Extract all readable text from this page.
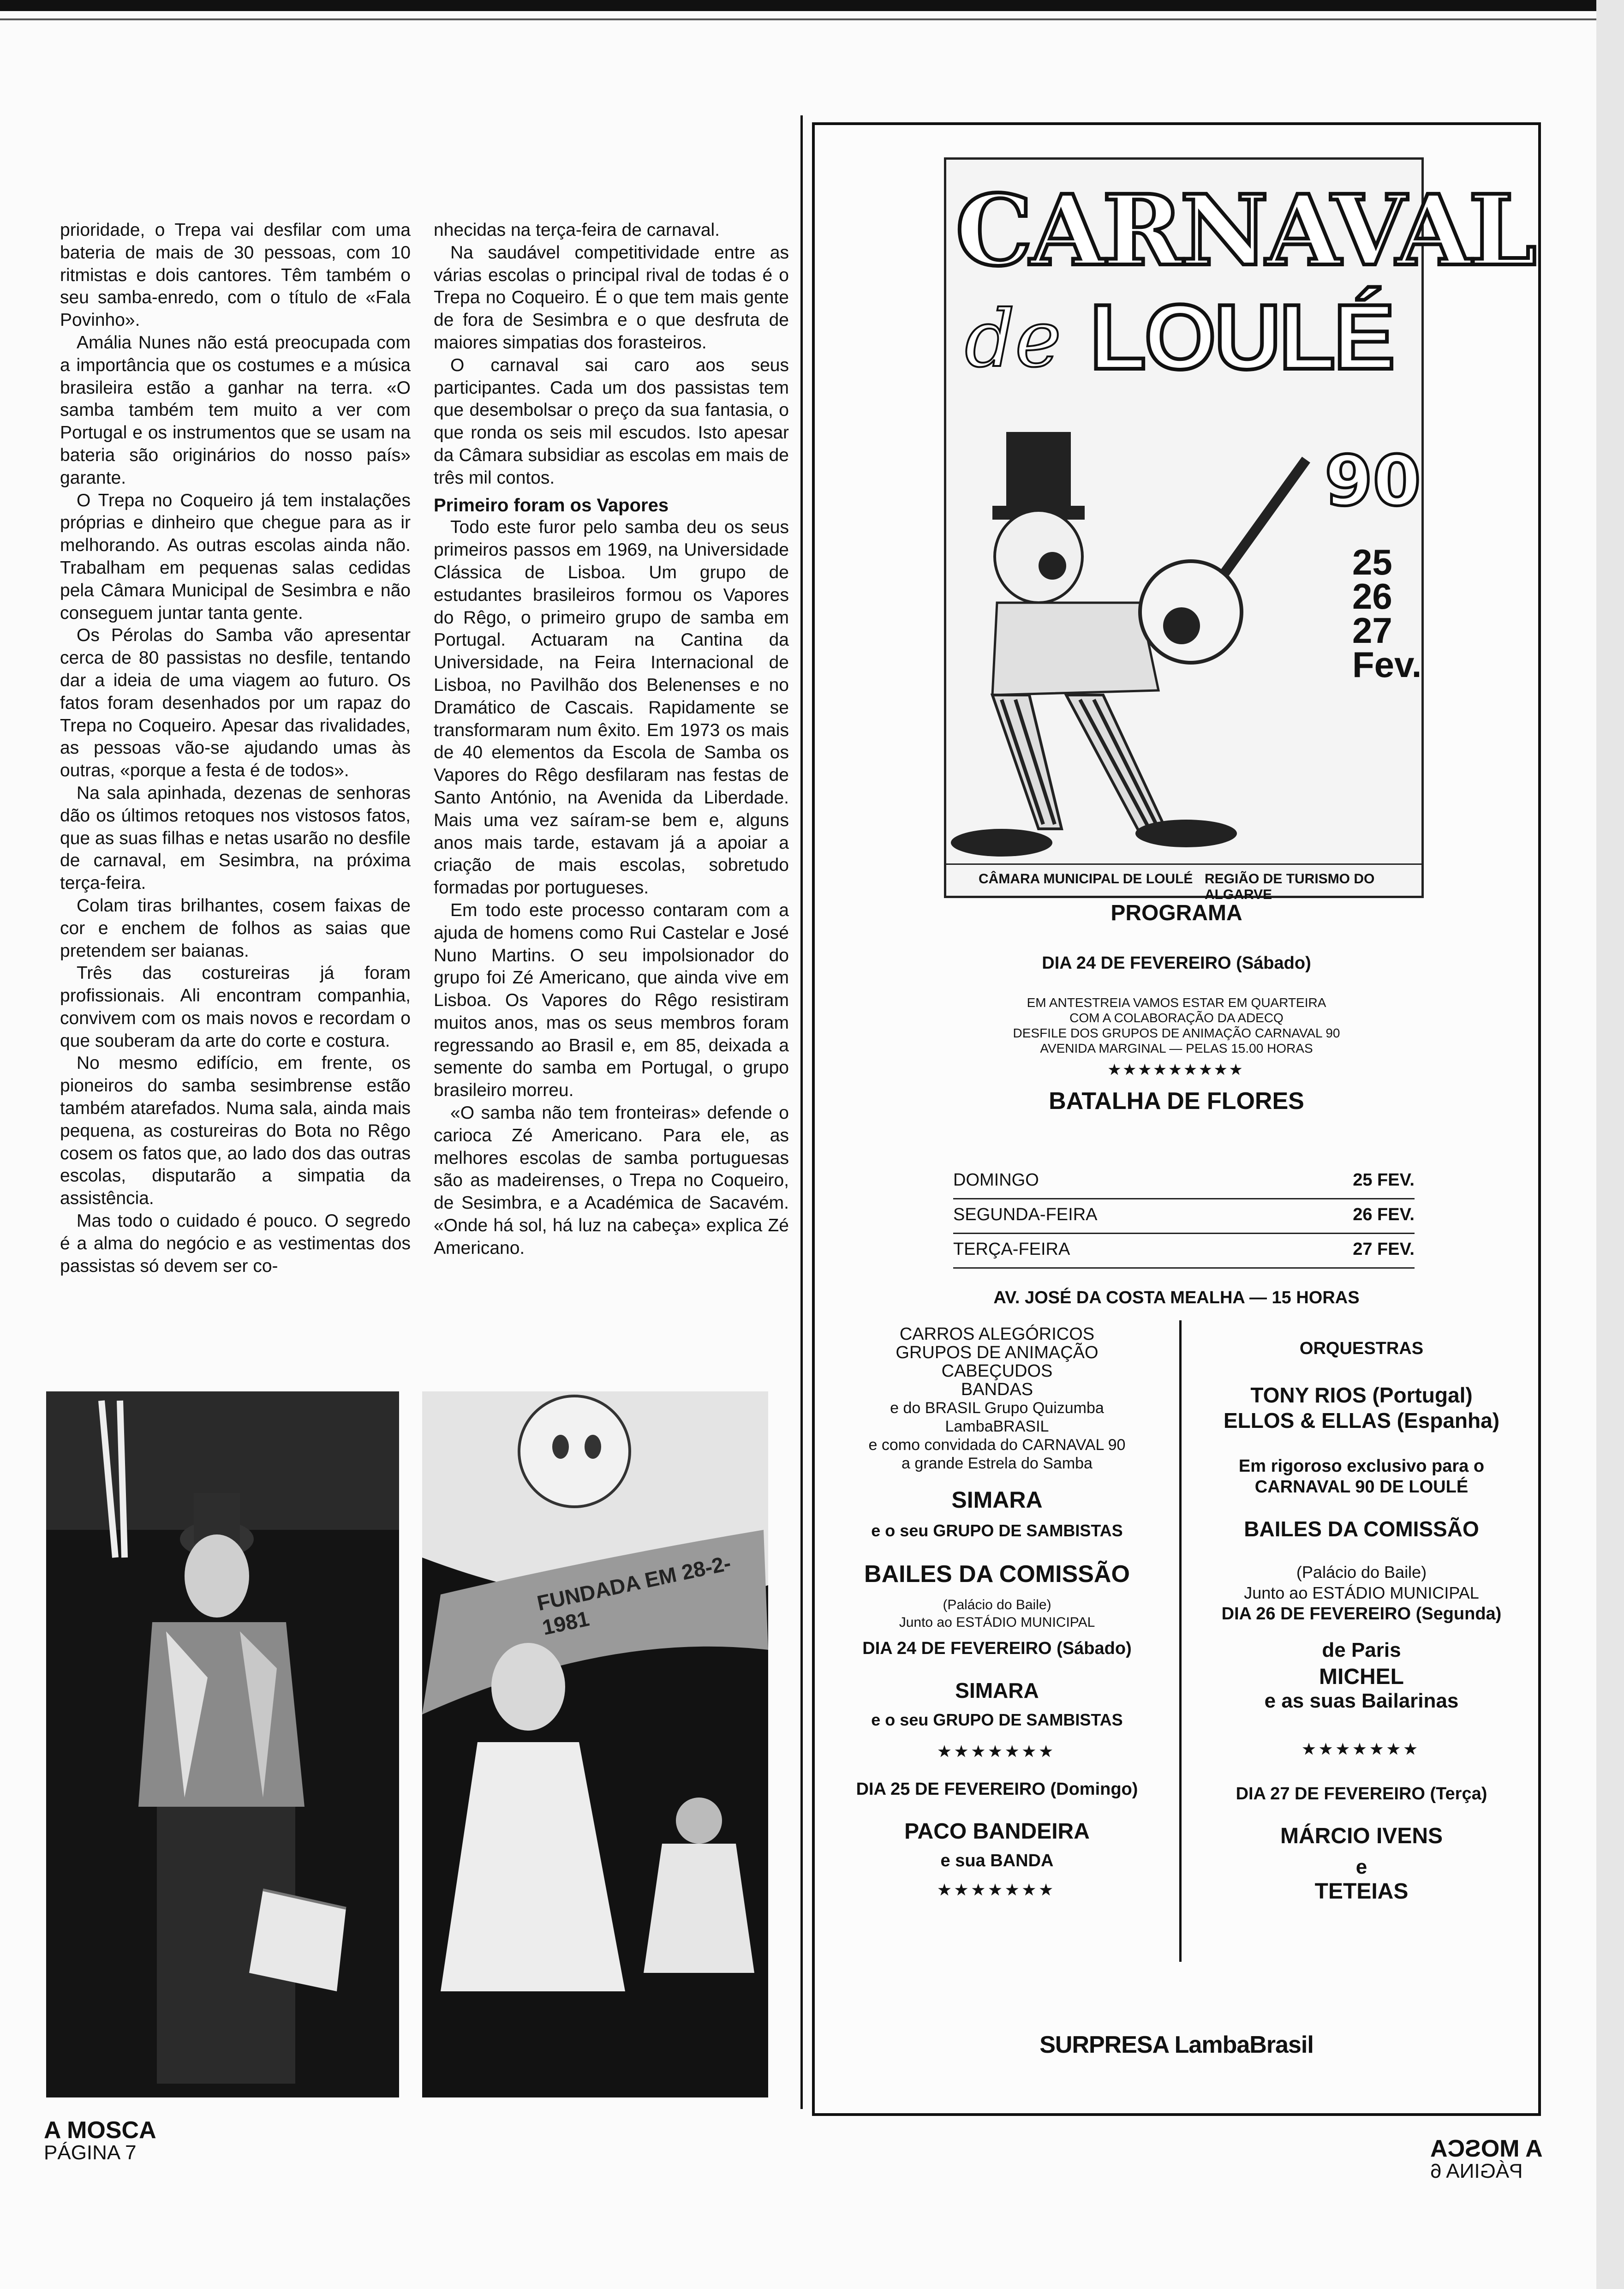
prioridade, o Trepa vai desfilar com uma bateria de mais de 30 pessoas, com 10 ritmistas e dois cantores. Têm também o seu samba-enredo, com o título de «Fala Povinho».

Amália Nunes não está preocupada com a importância que os costumes e a música brasileira estão a ganhar na terra. «O samba também tem muito a ver com Portugal e os instrumentos que se usam na bateria são originários do nosso país» garante.

O Trepa no Coqueiro já tem instalações próprias e dinheiro que chegue para as ir melhorando. As outras escolas ainda não. Trabalham em pequenas salas cedidas pela Câmara Municipal de Sesimbra e não conseguem juntar tanta gente.

Os Pérolas do Samba vão apresentar cerca de 80 passistas no desfile, tentando dar a ideia de uma viagem ao futuro. Os fatos foram desenhados por um rapaz do Trepa no Coqueiro. Apesar das rivalidades, as pessoas vão-se ajudando umas às outras, «porque a festa é de todos».

Na sala apinhada, dezenas de senhoras dão os últimos retoques nos vistosos fatos, que as suas filhas e netas usarão no desfile de carnaval, em Sesimbra, na próxima terça-feira.

Colam tiras brilhantes, cosem faixas de cor e enchem de folhos as saias que pretendem ser baianas.

Três das costureiras já foram profissionais. Ali encontram companhia, convivem com os mais novos e recordam o que souberam da arte do corte e costura.

No mesmo edifício, em frente, os pioneiros do samba sesimbrense estão também atarefados. Numa sala, ainda mais pequena, as costureiras do Bota no Rêgo cosem os fatos que, ao lado dos das outras escolas, disputarão a simpatia da assistência.

Mas todo o cuidado é pouco. O segredo é a alma do negócio e as vestimentas dos passistas só devem ser co-

nhecidas na terça-feira de carnaval.

Na saudável competitividade entre as várias escolas o principal rival de todas é o Trepa no Coqueiro. É o que tem mais gente de fora de Sesimbra e o que desfruta de maiores simpatias dos forasteiros.

O carnaval sai caro aos seus participantes. Cada um dos passistas tem que desembolsar o preço da sua fantasia, o que ronda os seis mil escudos. Isto apesar da Câmara subsidiar as escolas em mais de três mil contos.

Primeiro foram os Vapores

Todo este furor pelo samba deu os seus primeiros passos em 1969, na Universidade Clássica de Lisboa. Um grupo de estudantes brasileiros formou os Vapores do Rêgo, o primeiro grupo de samba em Portugal. Actuaram na Cantina da Universidade, na Feira Internacional de Lisboa, no Pavilhão dos Belenenses e no Dramático de Cascais. Rapidamente se transformaram num êxito. Em 1973 os mais de 40 elementos da Escola de Samba os Vapores do Rêgo desfilaram nas festas de Santo António, na Avenida da Liberdade. Mais uma vez saíram-se bem e, alguns anos mais tarde, estavam já a apoiar a criação de mais escolas, sobretudo formadas por portugueses.

Em todo este processo contaram com a ajuda de homens como Rui Castelar e José Nuno Martins. O seu impolsionador do grupo foi Zé Americano, que ainda vive em Lisboa. Os Vapores do Rêgo resistiram muitos anos, mas os seus membros foram regressando ao Brasil e, em 85, deixada a semente do samba em Portugal, o grupo brasileiro morreu.

«O samba não tem fronteiras» defende o carioca Zé Americano. Para ele, as melhores escolas de samba portuguesas são as madeirenses, o Trepa no Coqueiro, de Sesimbra, e a Académica de Sacavém. «Onde há sol, há luz na cabeça» explica Zé Americano.

FUNDADA EM 28-2-1981
CARNAVAL
de LOULÉ
90
25
26
27
Fev.
CÂMARA MUNICIPAL DE LOULÉ REGIÃO DE TURISMO DO ALGARVE
PROGRAMA
DIA 24 DE FEVEREIRO (Sábado)
EM ANTESTREIA VAMOS ESTAR EM QUARTEIRA
COM A COLABORAÇÃO DA ADECQ
DESFILE DOS GRUPOS DE ANIMAÇÃO CARNAVAL 90
AVENIDA MARGINAL — PELAS 15.00 HORAS
★★★★★★★★★
BATALHA DE FLORES
DOMINGO	25 FEV.
SEGUNDA-FEIRA	26 FEV.
TERÇA-FEIRA	27 FEV.
AV. JOSÉ DA COSTA MEALHA — 15 HORAS
CARROS ALEGÓRICOS
GRUPOS DE ANIMAÇÃO
CABEÇUDOS
BANDAS
e do BRASIL Grupo Quizumba
LambaBRASIL
e como convidada do CARNAVAL 90
a grande Estrela do Samba
SIMARA
e o seu GRUPO DE SAMBISTAS
BAILES DA COMISSÃO
(Palácio do Baile)
Junto ao ESTÁDIO MUNICIPAL
DIA 24 DE FEVEREIRO (Sábado)
SIMARA
e o seu GRUPO DE SAMBISTAS
★★★★★★★
DIA 25 DE FEVEREIRO (Domingo)
PACO BANDEIRA
e sua BANDA
★★★★★★★
ORQUESTRAS
TONY RIOS (Portugal)
ELLOS & ELLAS (Espanha)
Em rigoroso exclusivo para o
CARNAVAL 90 DE LOULÉ
BAILES DA COMISSÃO
(Palácio do Baile)
Junto ao ESTÁDIO MUNICIPAL
DIA 26 DE FEVEREIRO (Segunda)
de Paris
MICHEL
e as suas Bailarinas
★★★★★★★
DIA 27 DE FEVEREIRO (Terça)
MÁRCIO IVENS
e
TETEIAS
SURPRESA LambaBrasil
A MOSCA
PÁGINA 7	A MOSCA
PÁGINA 6
